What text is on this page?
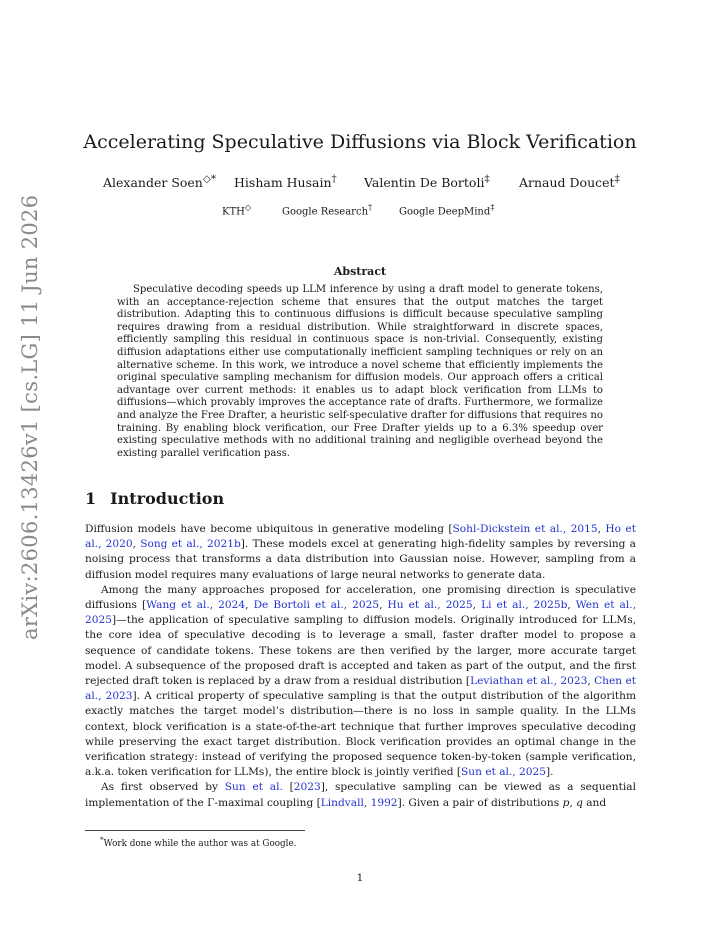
arXiv:2606.13426v1 [cs.LG] 11 Jun 2026
Accelerating Speculative Diffusions via Block Verification
Alexander Soen◇* Hisham Husain† Valentin De Bortoli‡ Arnaud Doucet‡
KTH◇	Google Research†	Google DeepMind‡
Abstract
Speculative decoding speeds up LLM inference by using a draft model to generate tokens, with an acceptance-rejection scheme that ensures that the output matches the target distribution. Adapting this to continuous diffusions is difficult because speculative sampling requires drawing from a residual distribution. While straightforward in discrete spaces, efficiently sampling this residual in continuous space is non-trivial. Consequently, existing diffusion adaptations either use computationally inefficient sampling techniques or rely on an alternative scheme. In this work, we introduce a novel scheme that efficiently implements the original speculative sampling mechanism for diffusion models. Our approach offers a critical advantage over current methods: it enables us to adapt block verification from LLMs to diffusions—which provably improves the acceptance rate of drafts. Furthermore, we formalize and analyze the Free Drafter, a heuristic self-speculative drafter for diffusions that requires no training. By enabling block verification, our Free Drafter yields up to a 6.3% speedup over existing speculative methods with no additional training and negligible overhead beyond the existing parallel verification pass.
1 Introduction

Diffusion models have become ubiquitous in generative modeling [Sohl-Dickstein et al., 2015, Ho et al., 2020, Song et al., 2021b]. These models excel at generating high-fidelity samples by reversing a noising process that transforms a data distribution into Gaussian noise. However, sampling from a diffusion model requires many evaluations of large neural networks to generate data.

Among the many approaches proposed for acceleration, one promising direction is speculative diffusions [Wang et al., 2024, De Bortoli et al., 2025, Hu et al., 2025, Li et al., 2025b, Wen et al., 2025]—the application of speculative sampling to diffusion models. Originally introduced for LLMs, the core idea of speculative decoding is to leverage a small, faster drafter model to propose a sequence of candidate tokens. These tokens are then verified by the larger, more accurate target model. A subsequence of the proposed draft is accepted and taken as part of the output, and the first rejected draft token is replaced by a draw from a residual distribution [Leviathan et al., 2023, Chen et al., 2023]. A critical property of speculative sampling is that the output distribution of the algorithm exactly matches the target model’s distribution—there is no loss in sample quality. In the LLMs context, block verification is a state-of-the-art technique that further improves speculative decoding while preserving the exact target distribution. Block verification provides an optimal change in the verification strategy: instead of verifying the proposed sequence token-by-token (sample verification, a.k.a. token verification for LLMs), the entire block is jointly verified [Sun et al., 2025].

As first observed by Sun et al. [2023], speculative sampling can be viewed as a sequential implementation of the Γ-maximal coupling [Lindvall, 1992]. Given a pair of distributions p, q and

*Work done while the author was at Google.
1
